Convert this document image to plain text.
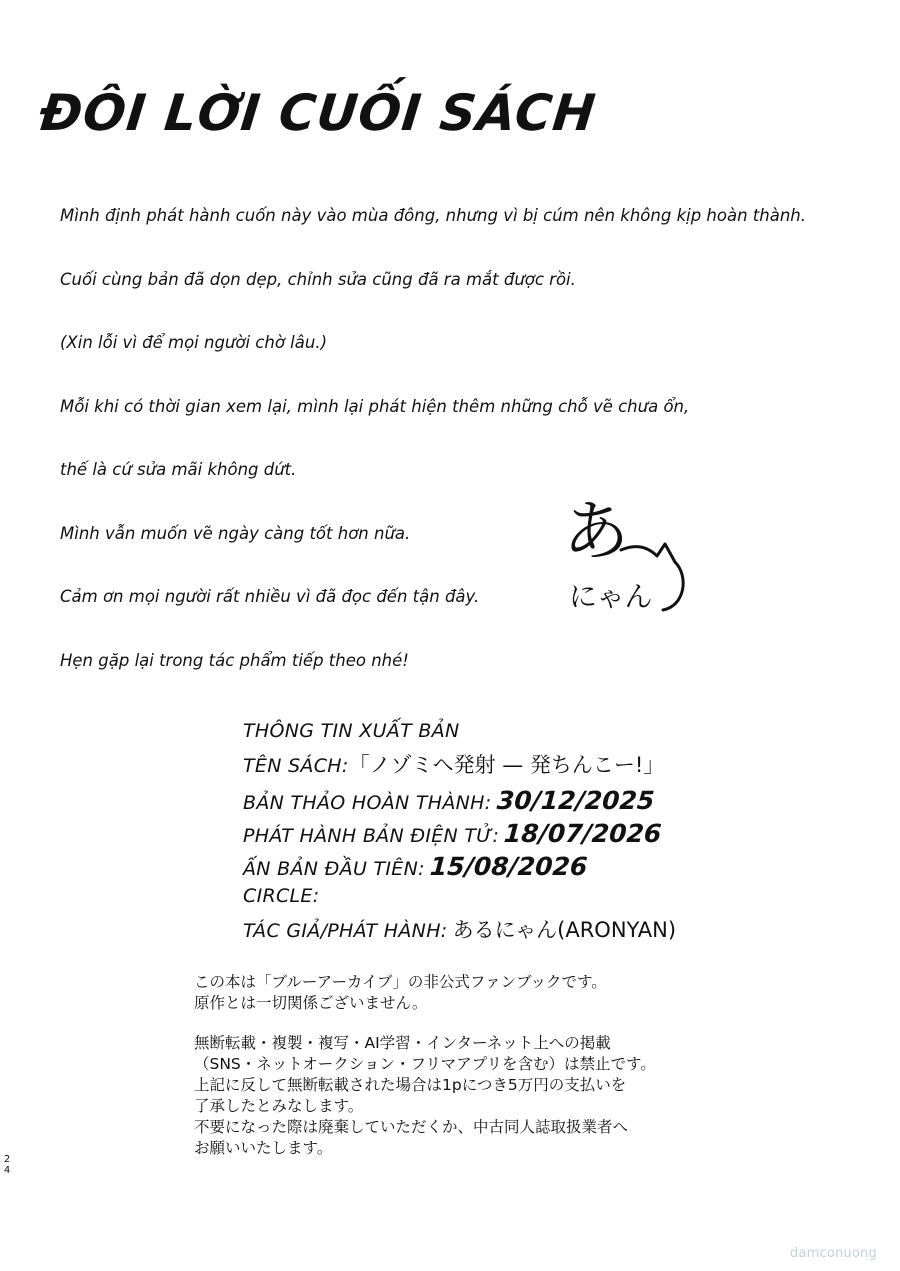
ĐÔI LỜI CUỐI SÁCH
Mình định phát hành cuốn này vào mùa đông, nhưng vì bị cúm nên không kịp hoàn thành.
Cuối cùng bản đã dọn dẹp, chỉnh sửa cũng đã ra mắt được rồi.
(Xin lỗi vì để mọi người chờ lâu.)
Mỗi khi có thời gian xem lại, mình lại phát hiện thêm những chỗ vẽ chưa ổn,
thế là cứ sửa mãi không dứt.
Mình vẫn muốn vẽ ngày càng tốt hơn nữa.
Cảm ơn mọi người rất nhiều vì đã đọc đến tận đây.
Hẹn gặp lại trong tác phẩm tiếp theo nhé!
あ
にゃん
THÔNG TIN XUẤT BẢN
TÊN SÁCH:「ノゾミへ発射 — 発ちんこー!」
BẢN THẢO HOÀN THÀNH: 30/12/2025
PHÁT HÀNH BẢN ĐIỆN TỬ: 18/07/2026
ẤN BẢN ĐẦU TIÊN: 15/08/2026
CIRCLE:
TÁC GIẢ/PHÁT HÀNH: あるにゃん(ARONYAN)
この本は「ブルーアーカイブ」の非公式ファンブックです。
原作とは一切関係ございません。
無断転載・複製・複写・AI学習・インターネット上への掲載
（SNS・ネットオークション・フリマアプリを含む）は禁止です。
上記に反して無断転載された場合は1pにつき5万円の支払いを
了承したとみなします。
不要になった際は廃棄していただくか、中古同人誌取扱業者へ
お願いいたします。
2
4
damconuong
